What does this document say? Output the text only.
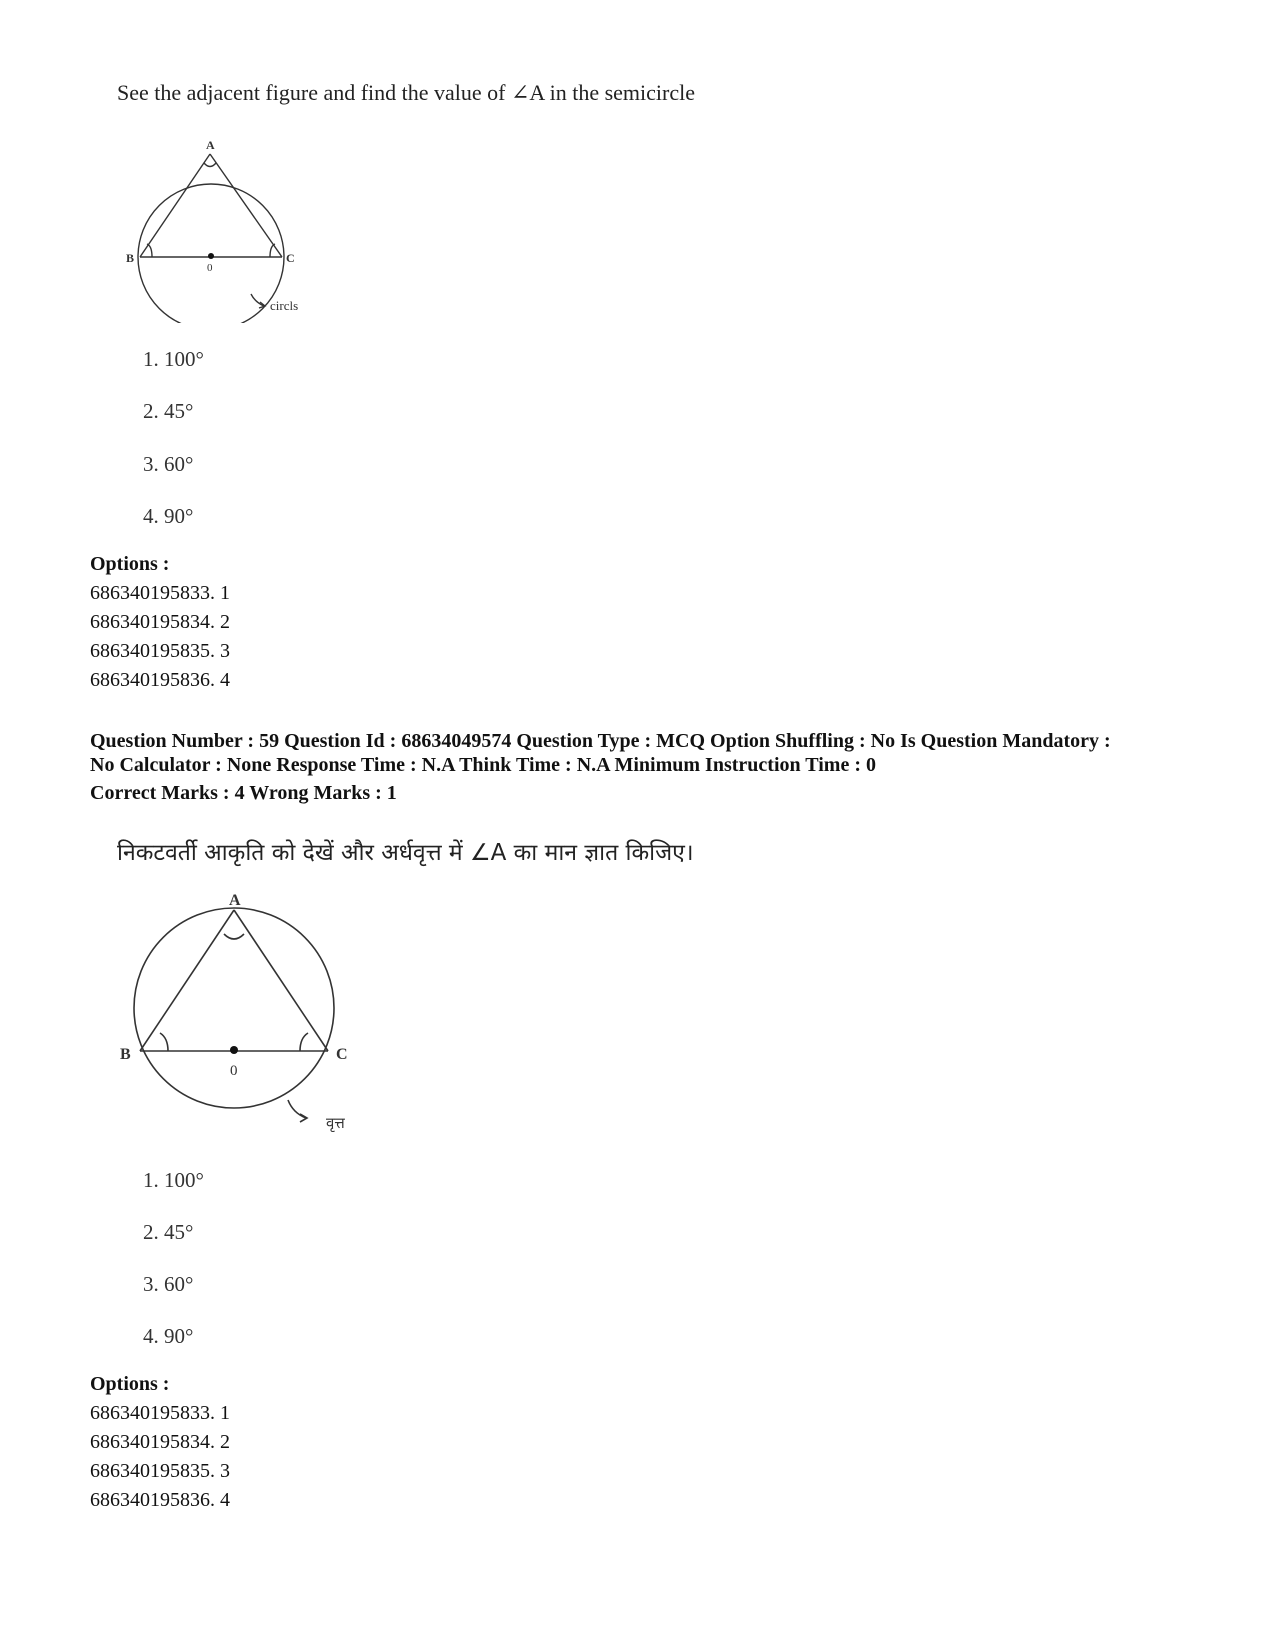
See the adjacent figure and find the value of ∠A in the semicircle
A
B	C
0
circls
1. 100°
2. 45°
3. 60°
4. 90°
Options :
686340195833. 1
686340195834. 2
686340195835. 3
686340195836. 4
Question Number : 59 Question Id : 68634049574 Question Type : MCQ Option Shuffling : No Is Question Mandatory :
No Calculator : None Response Time : N.A Think Time : N.A Minimum Instruction Time : 0
Correct Marks : 4 Wrong Marks : 1
निकटवर्ती आकृति को देखें और अर्धवृत्त में ∠A का मान ज्ञात किजिए।
A
B	C
0
वृत्त
1. 100°
2. 45°
3. 60°
4. 90°
Options :
686340195833. 1
686340195834. 2
686340195835. 3
686340195836. 4
